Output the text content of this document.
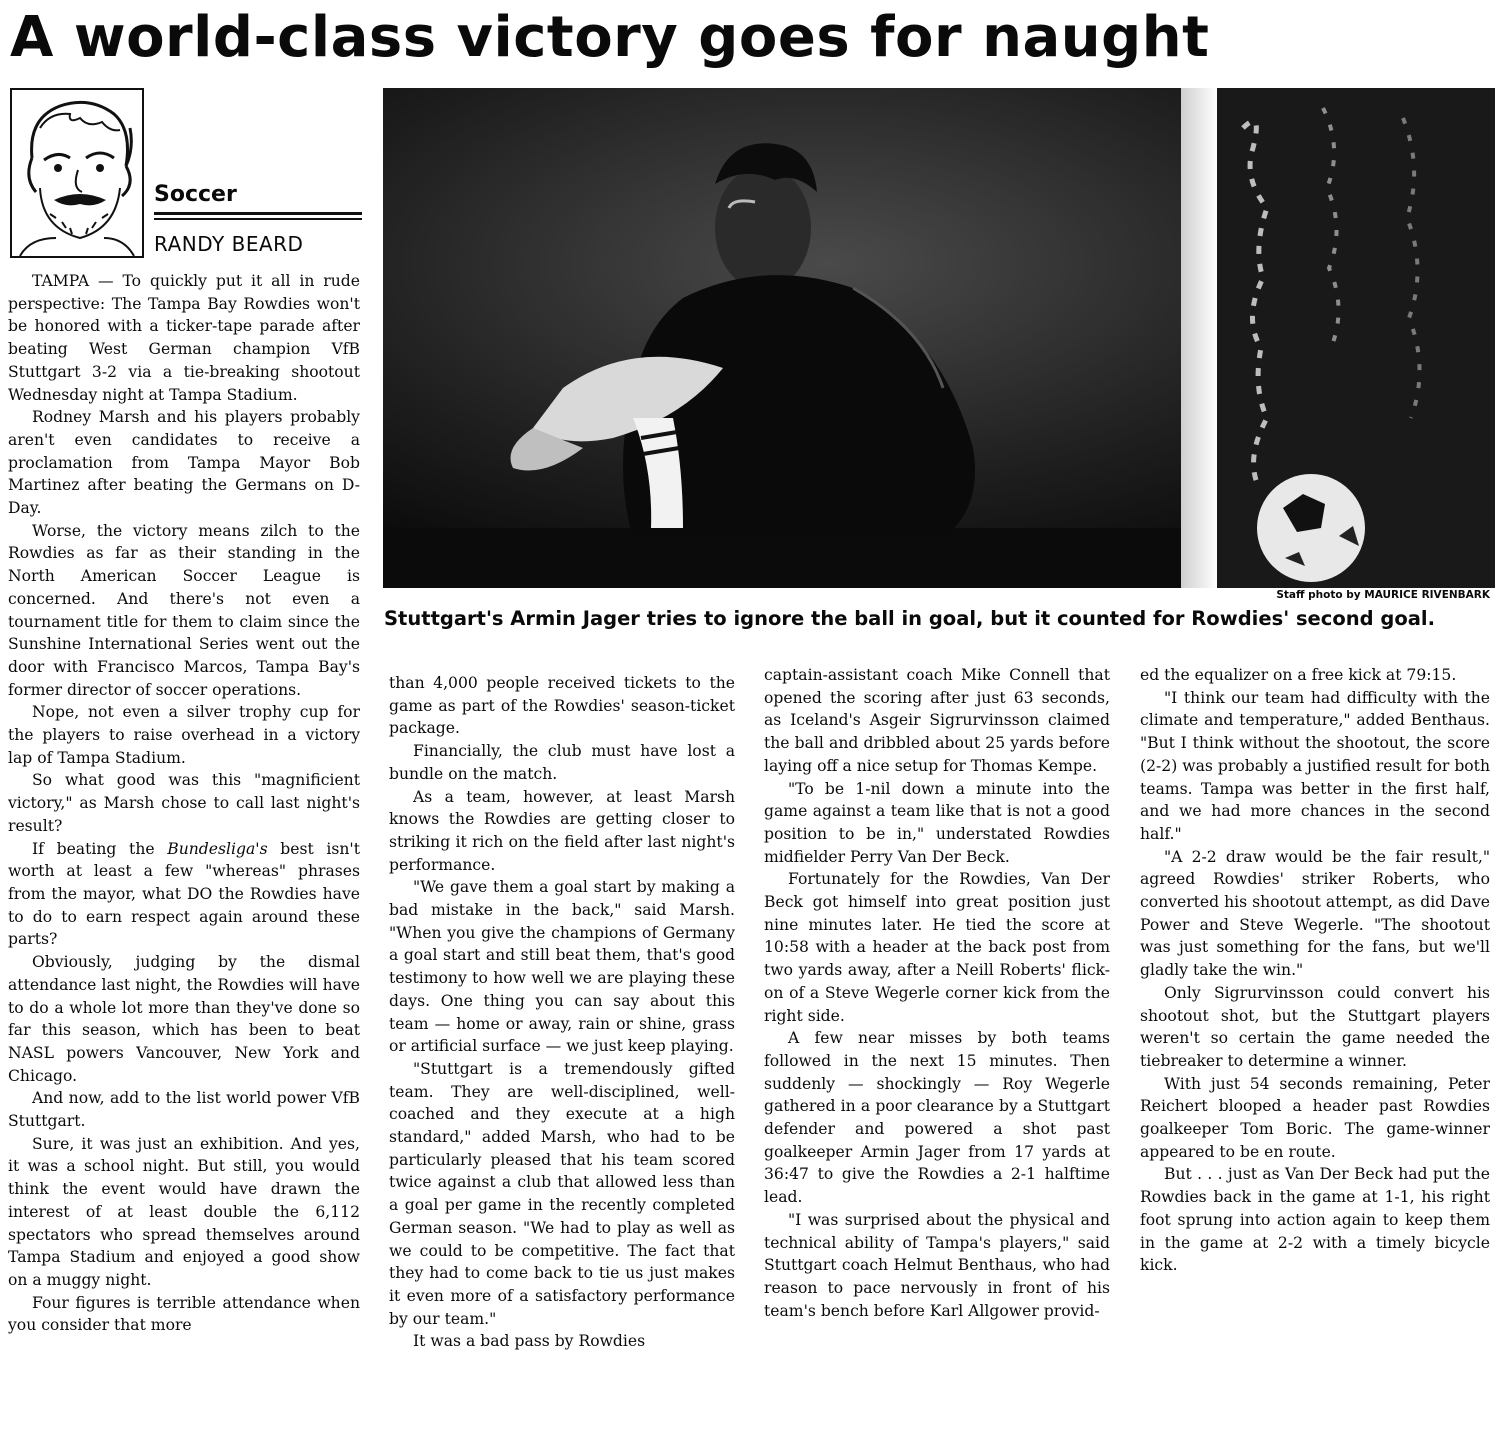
A world-class victory goes for naught
Soccer
RANDY BEARD
Staff photo by MAURICE RIVENBARK

Stuttgart's Armin Jager tries to ignore the ball in goal, but it counted for Rowdies' second goal.

TAMPA — To quickly put it all in rude perspective: The Tampa Bay Rowdies won't be honored with a ticker-tape parade after beating West German champion VfB Stuttgart 3-2 via a tie-breaking shootout Wednesday night at Tampa Stadium.

Rodney Marsh and his players probably aren't even candidates to receive a proclamation from Tampa Mayor Bob Martinez after beating the Germans on D-Day.

Worse, the victory means zilch to the Rowdies as far as their standing in the North American Soccer League is concerned. And there's not even a tournament title for them to claim since the Sunshine International Series went out the door with Francisco Marcos, Tampa Bay's former director of soccer operations.

Nope, not even a silver trophy cup for the players to raise overhead in a victory lap of Tampa Stadium.

So what good was this "magnificient victory," as Marsh chose to call last night's result?

If beating the Bundesliga's best isn't worth at least a few "whereas" phrases from the mayor, what DO the Rowdies have to do to earn respect again around these parts?

Obviously, judging by the dismal attendance last night, the Rowdies will have to do a whole lot more than they've done so far this season, which has been to beat NASL powers Vancouver, New York and Chicago.

And now, add to the list world power VfB Stuttgart.

Sure, it was just an exhibition. And yes, it was a school night. But still, you would think the event would have drawn the interest of at least double the 6,112 spectators who spread themselves around Tampa Stadium and enjoyed a good show on a muggy night.

Four figures is terrible attendance when you consider that more

than 4,000 people received tickets to the game as part of the Rowdies' season-ticket package.

Financially, the club must have lost a bundle on the match.

As a team, however, at least Marsh knows the Rowdies are getting closer to striking it rich on the field after last night's performance.

"We gave them a goal start by making a bad mistake in the back," said Marsh. "When you give the champions of Germany a goal start and still beat them, that's good testimony to how well we are playing these days. One thing you can say about this team — home or away, rain or shine, grass or artificial surface — we just keep playing.

"Stuttgart is a tremendously gifted team. They are well-disciplined, well-coached and they execute at a high standard," added Marsh, who had to be particularly pleased that his team scored twice against a club that allowed less than a goal per game in the recently completed German season. "We had to play as well as we could to be competitive. The fact that they had to come back to tie us just makes it even more of a satisfactory performance by our team."

It was a bad pass by Rowdies

captain-assistant coach Mike Connell that opened the scoring after just 63 seconds, as Iceland's Asgeir Sigrurvinsson claimed the ball and dribbled about 25 yards before laying off a nice setup for Thomas Kempe.

"To be 1-nil down a minute into the game against a team like that is not a good position to be in," understated Rowdies midfielder Perry Van Der Beck.

Fortunately for the Rowdies, Van Der Beck got himself into great position just nine minutes later. He tied the score at 10:58 with a header at the back post from two yards away, after a Neill Roberts' flick-on of a Steve Wegerle corner kick from the right side.

A few near misses by both teams followed in the next 15 minutes. Then suddenly — shockingly — Roy Wegerle gathered in a poor clearance by a Stuttgart defender and powered a shot past goalkeeper Armin Jager from 17 yards at 36:47 to give the Rowdies a 2-1 halftime lead.

"I was surprised about the physical and technical ability of Tampa's players," said Stuttgart coach Helmut Benthaus, who had reason to pace nervously in front of his team's bench before Karl Allgower provid-

ed the equalizer on a free kick at 79:15.

"I think our team had difficulty with the climate and temperature," added Benthaus. "But I think without the shootout, the score (2-2) was probably a justified result for both teams. Tampa was better in the first half, and we had more chances in the second half."

"A 2-2 draw would be the fair result," agreed Rowdies' striker Roberts, who converted his shootout attempt, as did Dave Power and Steve Wegerle. "The shootout was just something for the fans, but we'll gladly take the win."

Only Sigrurvinsson could convert his shootout shot, but the Stuttgart players weren't so certain the game needed the tiebreaker to determine a winner.

With just 54 seconds remaining, Peter Reichert blooped a header past Rowdies goalkeeper Tom Boric. The game-winner appeared to be en route.

But . . . just as Van Der Beck had put the Rowdies back in the game at 1-1, his right foot sprung into action again to keep them in the game at 2-2 with a timely bicycle kick.
